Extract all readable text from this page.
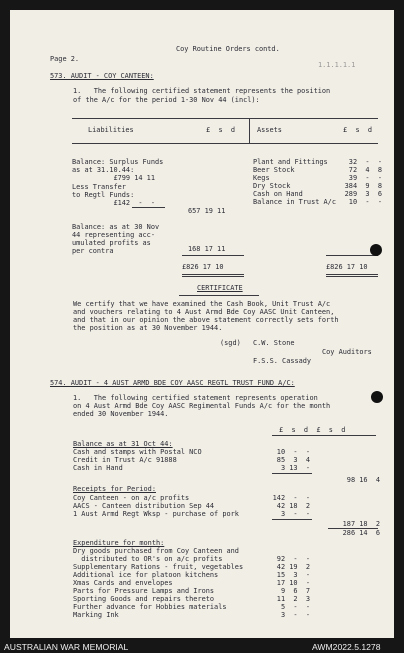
Coy Routine Orders contd.
Page 2.
1.1.1.1.1
573. AUDIT - COY CANTEEN:
1.   The following certified statement represents the position
of the A/c for the period 1-30 Nov 44 (incl):
Liabilities	£  s  d	Assets	£  s  d
Balance: Surplus Funds
as at 31.10.44:
£799 14 11
Less Transfer
to Regtl Funds:
£142  -  -
657 19 11
Balance: as at 30 Nov
44 representing acc-
umulated profits as
per contra	168 17 11
£826 17 10
Plant and Fittings	32  -  -
Beer Stock	72  4  8
Kegs	39  -  -
Dry Stock	384  9  8
Cash on Hand	289  3  6
Balance in Trust A/c	10  -  -
£826 17 10
CERTIFICATE
We certify that we have examined the Cash Book, Unit Trust A/c
and vouchers relating to 4 Aust Armd Bde Coy AASC Unit Canteen,
and that in our opinion the above statement correctly sets forth
the position as at 30 November 1944.
(sgd) C.W. Stone
Coy Auditors
F.S.S. Cassady
574. AUDIT - 4 AUST ARMD BDE COY AASC REGTL TRUST FUND A/C:
1.   The following certified statement represents operation
on 4 Aust Armd Bde Coy AASC Regimental Funds A/c for the month
ended 30 November 1944.
£  s  d  £  s  d
Balance as at 31 Oct 44:
Cash and stamps with Postal NCO	10  -  -
Credit in Trust A/c 91888	85  3  4
Cash in Hand	3 13  -
98 16  4
Receipts for Period:
Coy Canteen - on a/c profits	142  -  -
AACS - Canteen distribution Sep 44	42 18  2
1 Aust Armd Regt Wksp - purchase of pork	3  -  -
187 18  2
286 14  6
Expenditure for month:
Dry goods purchased from Coy Canteen and
distributed to OR's on a/c profits	92  -  -
Supplementary Rations - fruit, vegetables	42 19  2
Additional ice for platoon kitchens	15  3  -
Xmas Cards and envelopes	17 10  -
Parts for Pressure Lamps and Irons	9  6  7
Sporting Goods and repairs thereto	11  2  3
Further advance for Hobbies materials	5  -  -
Marking Ink	3  -  -
AUSTRALIAN WAR MEMORIAL	AWM2022.5.1278
